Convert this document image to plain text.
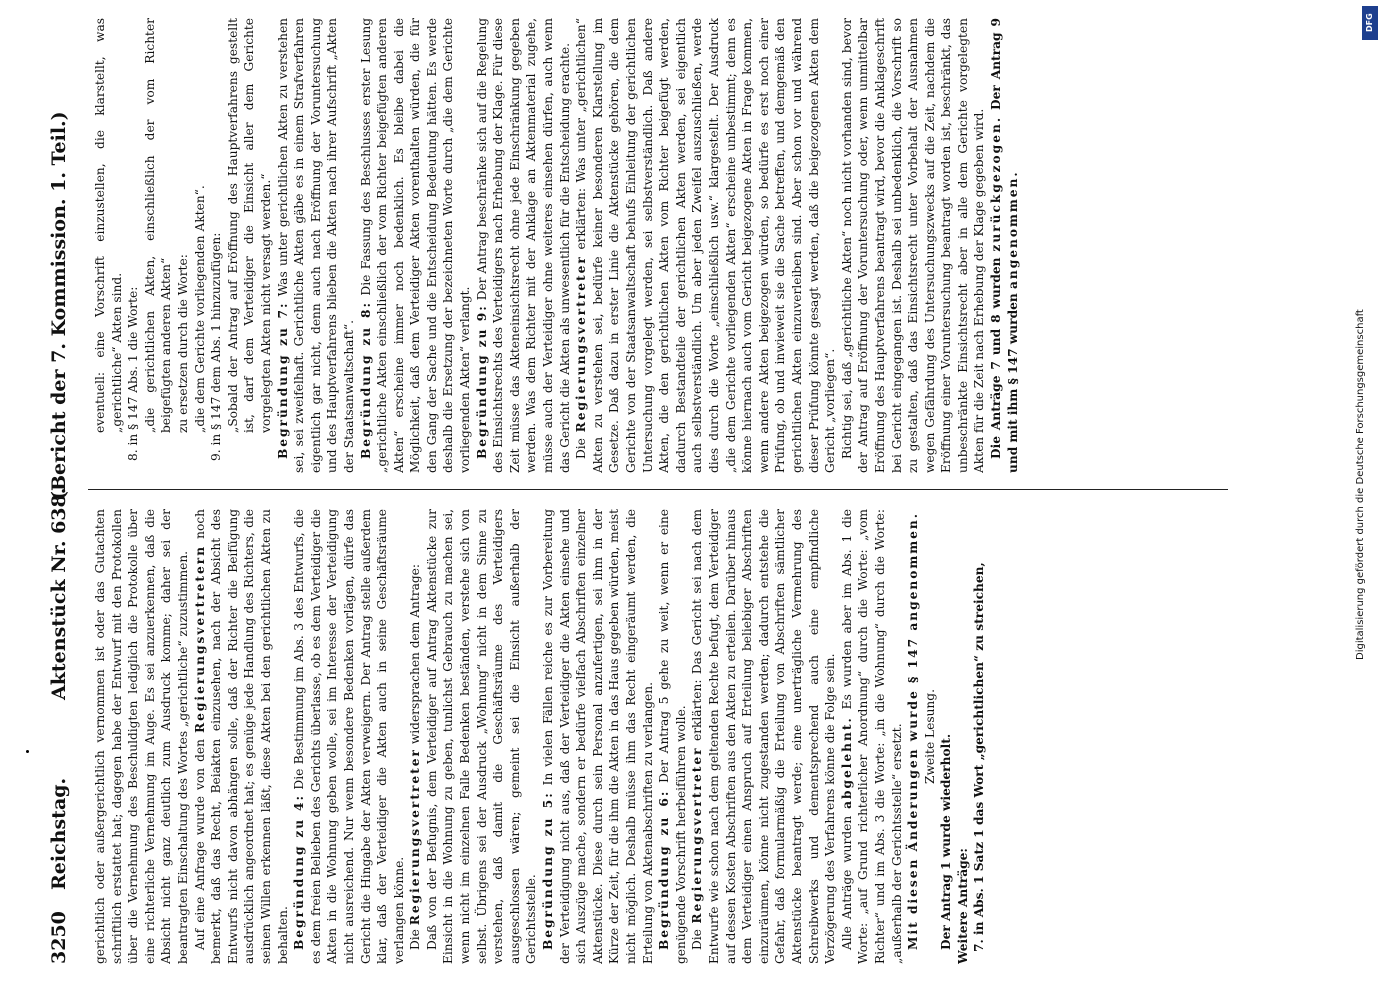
3250
Reichstag.
Aktenstück Nr. 638.
(Bericht der 7. Kommission. 1. Teil.)

gerichtlich oder außergerichtlich vernommen ist oder das Gutachten schriftlich erstattet hat; dagegen habe der Entwurf mit den Protokollen über die Vernehmung des Beschuldigten lediglich die Protokolle über eine richterliche Vernehmung im Auge. Es sei anzuerkennen, daß die Absicht nicht ganz deutlich zum Ausdruck komme; daher sei der beantragten Einschaltung des Wortes „gerichtliche“ zuzustimmen. Auf eine Anfrage wurde von den Regierungsvertretern noch bemerkt, daß das Recht, Beiakten einzusehen, nach der Absicht des Entwurfs nicht davon abhängen solle, daß der Richter die Beifügung ausdrücklich angeordnet hat; es genüge jede Handlung des Richters, die seinen Willen erkennen läßt, diese Akten bei den gerichtlichen Akten zu behalten. Begründung zu 4: Die Bestimmung im Abs. 3 des Entwurfs, die es dem freien Belieben des Gerichts überlasse, ob es dem Verteidiger die Akten in die Wohnung geben wolle, sei im Interesse der Verteidigung nicht ausreichend. Nur wenn besondere Bedenken vorlägen, dürfe das Gericht die Hingabe der Akten verweigern. Der Antrag stelle außerdem klar, daß der Verteidiger die Akten auch in seine Geschäftsräume verlangen könne. Die Regierungsvertreter widersprachen dem Antrage: Daß von der Befugnis, dem Verteidiger auf Antrag Aktenstücke zur Einsicht in die Wohnung zu geben, tunlichst Gebrauch zu machen sei, wenn nicht im einzelnen Falle Bedenken beständen, verstehe sich von selbst. Übrigens sei der Ausdruck „Wohnung“ nicht in dem Sinne zu verstehen, daß damit die Geschäftsräume des Verteidigers ausgeschlossen wären; gemeint sei die Einsicht außerhalb der Gerichtsstelle. Begründung zu 5: In vielen Fällen reiche es zur Vorbereitung der Verteidigung nicht aus, daß der Verteidiger die Akten einsehe und sich Auszüge mache, sondern er bedürfe vielfach Abschriften einzelner Aktenstücke. Diese durch sein Personal anzufertigen, sei ihm in der Kürze der Zeit, für die ihm die Akten in das Haus gegeben würden, meist nicht möglich. Deshalb müsse ihm das Recht eingeräumt werden, die Erteilung von Aktenabschriften zu verlangen. Begründung zu 6: Der Antrag 5 gehe zu weit, wenn er eine genügende Vorschrift herbeiführen wolle. Die Regierungsvertreter erklärten: Das Gericht sei nach dem Entwurfe wie schon nach dem geltenden Rechte befugt, dem Verteidiger auf dessen Kosten Abschriften aus den Akten zu erteilen. Darüber hinaus dem Verteidiger einen Anspruch auf Erteilung beliebiger Abschriften einzuräumen, könne nicht zugestanden werden; dadurch entstehe die Gefahr, daß formularmäßig die Erteilung von Abschriften sämtlicher Aktenstücke beantragt werde; eine unerträgliche Vermehrung des Schreibwerks und dementsprechend auch eine empfindliche Verzögerung des Verfahrens könne die Folge sein. Alle Anträge wurden abgelehnt. Es wurden aber im Abs. 1 die Worte: „auf Grund richterlicher Anordnung“ durch die Worte: „vom Richter“ und im Abs. 3 die Worte: „in die Wohnung“ durch die Worte: „außerhalb der Gerichtsstelle“ ersetzt. Mit diesen Änderungen wurde § 147 angenommen. Zweite Lesung. Der Antrag 1 wurde wiederholt. Weitere Anträge: 7. in Abs. 1 Satz 1 das Wort „gerichtlichen“ zu streichen,

eventuell: eine Vorschrift einzustellen, die klarstellt, was „gerichtliche“ Akten sind. 8. in § 147 Abs. 1 die Worte: „die gerichtlichen Akten, einschließlich der vom Richter beigefügten anderen Akten“ zu ersetzen durch die Worte: „die dem Gerichte vorliegenden Akten“. 9. in § 147 dem Abs. 1 hinzuzufügen: „Sobald der Antrag auf Eröffnung des Hauptverfahrens gestellt ist, darf dem Verteidiger die Einsicht aller dem Gerichte vorgelegten Akten nicht versagt werden.“ Begründung zu 7: Was unter gerichtlichen Akten zu verstehen sei, sei zweifelhaft. Gerichtliche Akten gäbe es in einem Strafverfahren eigentlich gar nicht, denn auch nach Eröffnung der Voruntersuchung und des Hauptverfahrens blieben die Akten nach ihrer Aufschrift „Akten der Staatsanwaltschaft“. Begründung zu 8: Die Fassung des Beschlusses erster Lesung „gerichtliche Akten einschließlich der vom Richter beigefügten anderen Akten“ erscheine immer noch bedenklich. Es bleibe dabei die Möglichkeit, daß dem Verteidiger Akten vorenthalten würden, die für den Gang der Sache und die Entscheidung Bedeutung hätten. Es werde deshalb die Ersetzung der bezeichneten Worte durch „die dem Gerichte vorliegenden Akten“ verlangt. Begründung zu 9: Der Antrag beschränke sich auf die Regelung des Einsichtsrechts des Verteidigers nach Erhebung der Klage. Für diese Zeit müsse das Akteneinsichtsrecht ohne jede Einschränkung gegeben werden. Was dem Richter mit der Anklage an Aktenmaterial zugehe, müsse auch der Verteidiger ohne weiteres einsehen dürfen, auch wenn das Gericht die Akten als unwesentlich für die Entscheidung erachte. Die Regierungsvertreter erklärten: Was unter „gerichtlichen“ Akten zu verstehen sei, bedürfe keiner besonderen Klarstellung im Gesetze. Daß dazu in erster Linie die Aktenstücke gehören, die dem Gerichte von der Staatsanwaltschaft behufs Einleitung der gerichtlichen Untersuchung vorgelegt werden, sei selbstverständlich. Daß andere Akten, die den gerichtlichen Akten vom Richter beigefügt werden, dadurch Bestandteile der gerichtlichen Akten werden, sei eigentlich auch selbstverständlich. Um aber jeden Zweifel auszuschließen, werde dies durch die Worte „einschließlich usw.“ klargestellt. Der Ausdruck „die dem Gerichte vorliegenden Akten“ erscheine unbestimmt; denn es könne hiernach auch vom Gericht beigezogene Akten in Frage kommen, wenn andere Akten beigezogen würden, so bedürfe es erst noch einer Prüfung, ob und inwieweit sie die Sache betreffen, und demgemäß den gerichtlichen Akten einzuverleiben sind. Aber schon vor und während dieser Prüfung könnte gesagt werden, daß die beigezogenen Akten dem Gericht „vorliegen“. Richtig sei, daß „gerichtliche Akten“ noch nicht vorhanden sind, bevor der Antrag auf Eröffnung der Voruntersuchung oder, wenn unmittelbar Eröffnung des Hauptverfahrens beantragt wird, bevor die Anklageschrift bei Gericht eingegangen ist. Deshalb sei unbedenklich, die Vorschrift so zu gestalten, daß das Einsichtsrecht unter Vorbehalt der Ausnahmen wegen Gefährdung des Untersuchungszwecks auf die Zeit, nachdem die Eröffnung einer Voruntersuchung beantragt worden ist, beschränkt, das unbeschränkte Einsichtsrecht aber in alle dem Gerichte vorgelegten Akten für die Zeit nach Erhebung der Klage gegeben wird. Die Anträge 7 und 8 wurden zurückgezogen. Der Antrag 9 und mit ihm § 147 wurden angenommen.

Digitalisierung gefördert durch die Deutsche Forschungsgemeinschaft
DFG
